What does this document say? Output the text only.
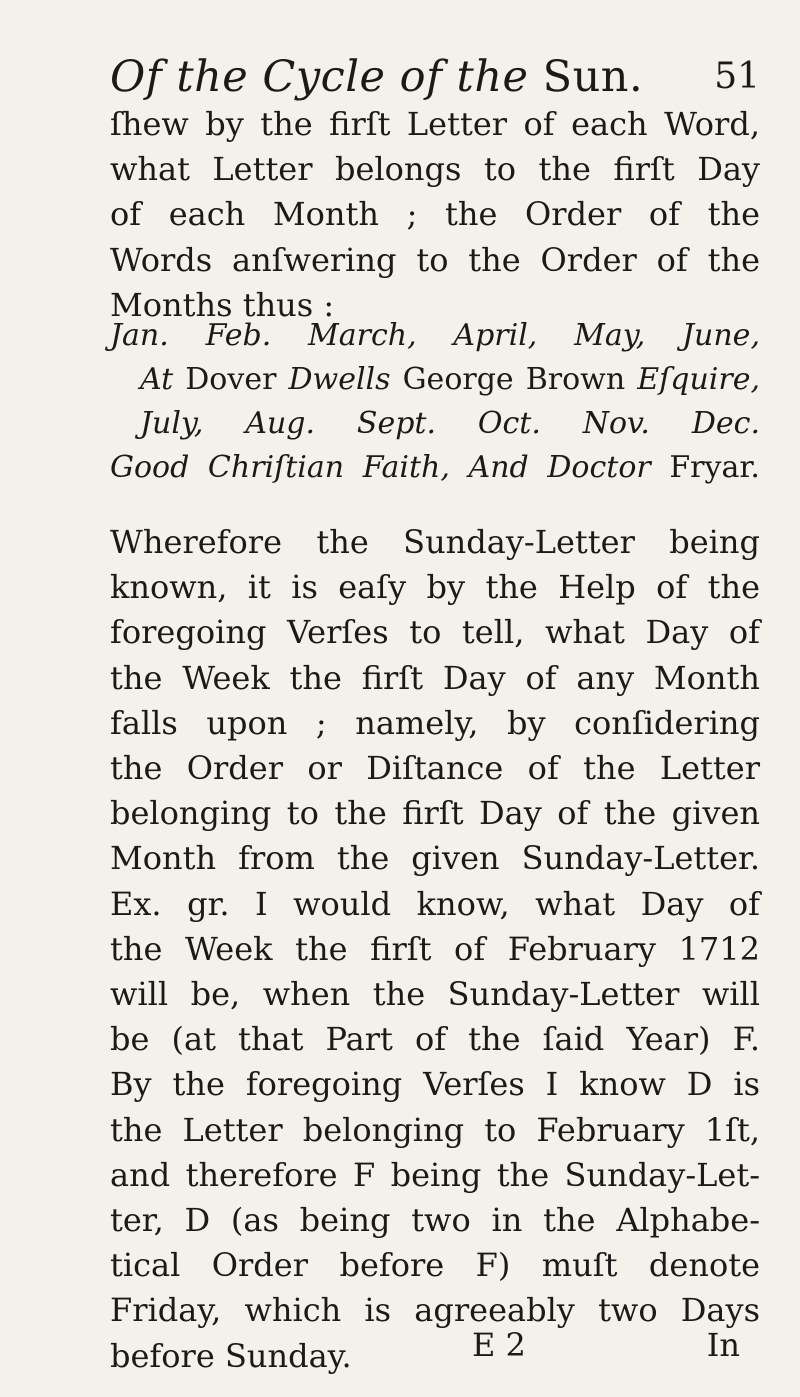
Of the Cycle of the Sun. 51

ſhew by the firſt Letter of each Word,
what Letter belongs to the firſt Day
of each Month ; the Order of the
Words anſwering to the Order of the
Months thus :

Jan. Feb. March, April, May, June,
At Dover Dwells George Brown Eſquire,
July, Aug. Sept. Oct. Nov. Dec.
Good Chriſtian Faith, And Doctor Fryar.

Wherefore the Sunday-Letter being
known, it is eaſy by the Help of the
foregoing Verſes to tell, what Day of
the Week the firſt Day of any Month
falls upon ; namely, by conſidering
the Order or Diſtance of the Letter
belonging to the firſt Day of the given
Month from the given Sunday-Letter.
Ex. gr. I would know, what Day of
the Week the firſt of February 1712
will be, when the Sunday-Letter will
be (at that Part of the ſaid Year) F.
By the foregoing Verſes I know D is
the Letter belonging to February 1ſt,
and therefore F being the Sunday-Let-
ter, D (as being two in the Alphabe-
tical Order before F) muſt denote
Friday, which is agreeably two Days
before Sunday.	E 2	In
